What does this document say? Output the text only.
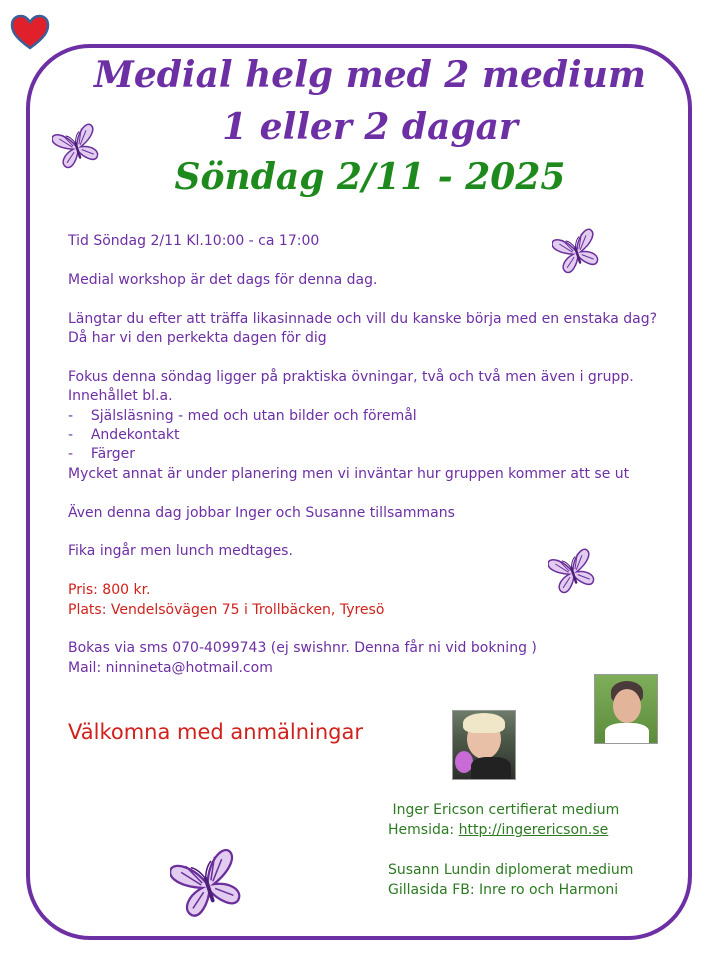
Medial helg med 2 medium
1 eller 2 dagar
Söndag 2/11 - 2025

Tid Söndag 2/11 Kl.10:00 - ca 17:00

Medial workshop är det dags för denna dag.

Längtar du efter att träffa likasinnade och vill du kanske börja med en enstaka dag?

Då har vi den perkekta dagen för dig

Fokus denna söndag ligger på praktiska övningar, två och två men även i grupp.

Innehållet bl.a.

-    Själsläsning - med och utan bilder och föremål

-    Andekontakt

-    Färger

Mycket annat är under planering men vi inväntar hur gruppen kommer att se ut

Även denna dag jobbar Inger och Susanne tillsammans

Fika ingår men lunch medtages.

Pris: 800 kr.

Plats: Vendelsövägen 75 i Trollbäcken, Tyresö

Bokas via sms 070-4099743 (ej swishnr. Denna får ni vid bokning )

Mail: ninnineta@hotmail.com

Välkomna med anmälningar

Inger Ericson certifierat medium

Hemsida: http://ingerericson.se

Susann Lundin diplomerat medium

Gillasida FB: Inre ro och Harmoni
